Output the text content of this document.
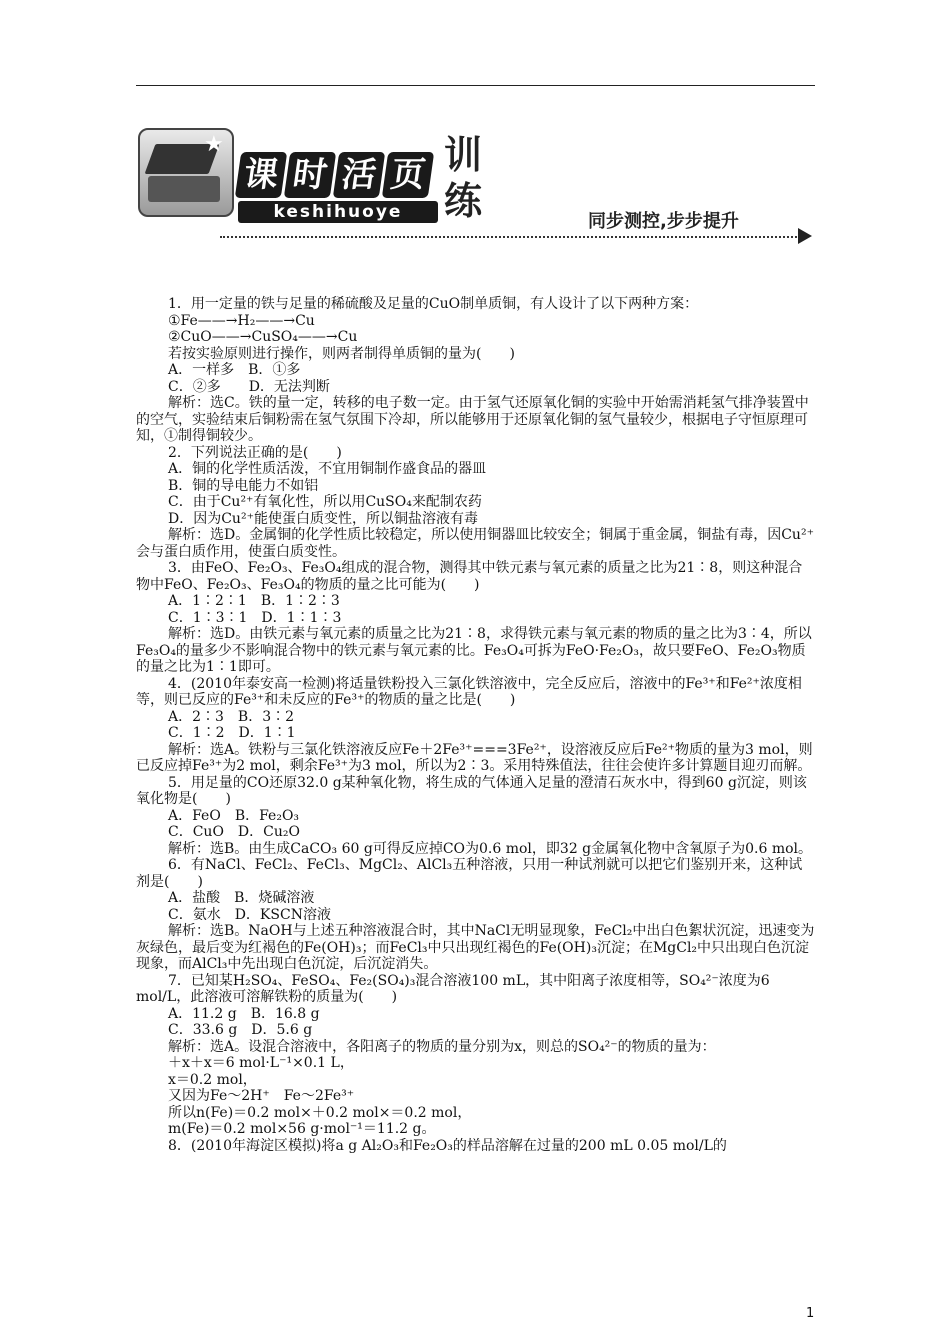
★
课 时 活 页
keshihuoye
训
练	同步测控,步步提升

1．用一定量的铁与足量的稀硫酸及足量的CuO制单质铜，有人设计了以下两种方案：

①Fe——→H₂——→Cu

②CuO——→CuSO₄——→Cu

若按实验原则进行操作，则两者制得单质铜的量为(　　)

A．一样多　B．①多

C．②多　　D．无法判断

解析：选C。铁的量一定，转移的电子数一定。由于氢气还原氧化铜的实验中开始需消耗氢气排净装置中的空气，实验结束后铜粉需在氢气氛围下冷却，所以能够用于还原氧化铜的氢气量较少，根据电子守恒原理可知，①制得铜较少。

2．下列说法正确的是(　　)

A．铜的化学性质活泼，不宜用铜制作盛食品的器皿

B．铜的导电能力不如铝

C．由于Cu²⁺有氧化性，所以用CuSO₄来配制农药

D．因为Cu²⁺能使蛋白质变性，所以铜盐溶液有毒

解析：选D。金属铜的化学性质比较稳定，所以使用铜器皿比较安全；铜属于重金属，铜盐有毒，因Cu²⁺会与蛋白质作用，使蛋白质变性。

3．由FeO、Fe₂O₃、Fe₃O₄组成的混合物，测得其中铁元素与氧元素的质量之比为21∶8，则这种混合物中FeO、Fe₂O₃、Fe₃O₄的物质的量之比可能为(　　)

A．1∶2∶1　B．1∶2∶3

C．1∶3∶1　D．1∶1∶3

解析：选D。由铁元素与氧元素的质量之比为21∶8，求得铁元素与氧元素的物质的量之比为3∶4，所以Fe₃O₄的量多少不影响混合物中的铁元素与氧元素的比。Fe₃O₄可拆为FeO·Fe₂O₃，故只要FeO、Fe₂O₃物质的量之比为1∶1即可。

4．(2010年泰安高一检测)将适量铁粉投入三氯化铁溶液中，完全反应后，溶液中的Fe³⁺和Fe²⁺浓度相等，则已反应的Fe³⁺和未反应的Fe³⁺的物质的量之比是(　　)

A．2∶3　B．3∶2

C．1∶2　D．1∶1

解析：选A。铁粉与三氯化铁溶液反应Fe＋2Fe³⁺===3Fe²⁺，设溶液反应后Fe²⁺物质的量为3 mol，则已反应掉Fe³⁺为2 mol，剩余Fe³⁺为3 mol，所以为2∶3。采用特殊值法，往往会使许多计算题目迎刃而解。

5．用足量的CO还原32.0 g某种氧化物，将生成的气体通入足量的澄清石灰水中，得到60 g沉淀，则该氧化物是(　　)

A．FeO　B．Fe₂O₃

C．CuO　D．Cu₂O

解析：选B。由生成CaCO₃ 60 g可得反应掉CO为0.6 mol，即32 g金属氧化物中含氧原子为0.6 mol。

6．有NaCl、FeCl₂、FeCl₃、MgCl₂、AlCl₃五种溶液，只用一种试剂就可以把它们鉴别开来，这种试剂是(　　)

A．盐酸　B．烧碱溶液

C．氨水　D．KSCN溶液

解析：选B。NaOH与上述五种溶液混合时，其中NaCl无明显现象，FeCl₂中出白色絮状沉淀，迅速变为灰绿色，最后变为红褐色的Fe(OH)₃；而FeCl₃中只出现红褐色的Fe(OH)₃沉淀；在MgCl₂中只出现白色沉淀现象，而AlCl₃中先出现白色沉淀，后沉淀消失。

7．已知某H₂SO₄、FeSO₄、Fe₂(SO₄)₃混合溶液100 mL，其中阳离子浓度相等，SO₄²⁻浓度为6 mol/L，此溶液可溶解铁粉的质量为(　　)

A．11.2 g　B．16.8 g

C．33.6 g　D．5.6 g

解析：选A。设混合溶液中，各阳离子的物质的量分别为x，则总的SO₄²⁻的物质的量为：

＋x＋x＝6 mol·L⁻¹×0.1 L，

x＝0.2 mol，

又因为Fe～2H⁺　Fe～2Fe³⁺

所以n(Fe)＝0.2 mol×＋0.2 mol×＝0.2 mol，

m(Fe)＝0.2 mol×56 g·mol⁻¹＝11.2 g。

8．(2010年海淀区模拟)将a g Al₂O₃和Fe₂O₃的样品溶解在过量的200 mL 0.05 mol/L的

1
